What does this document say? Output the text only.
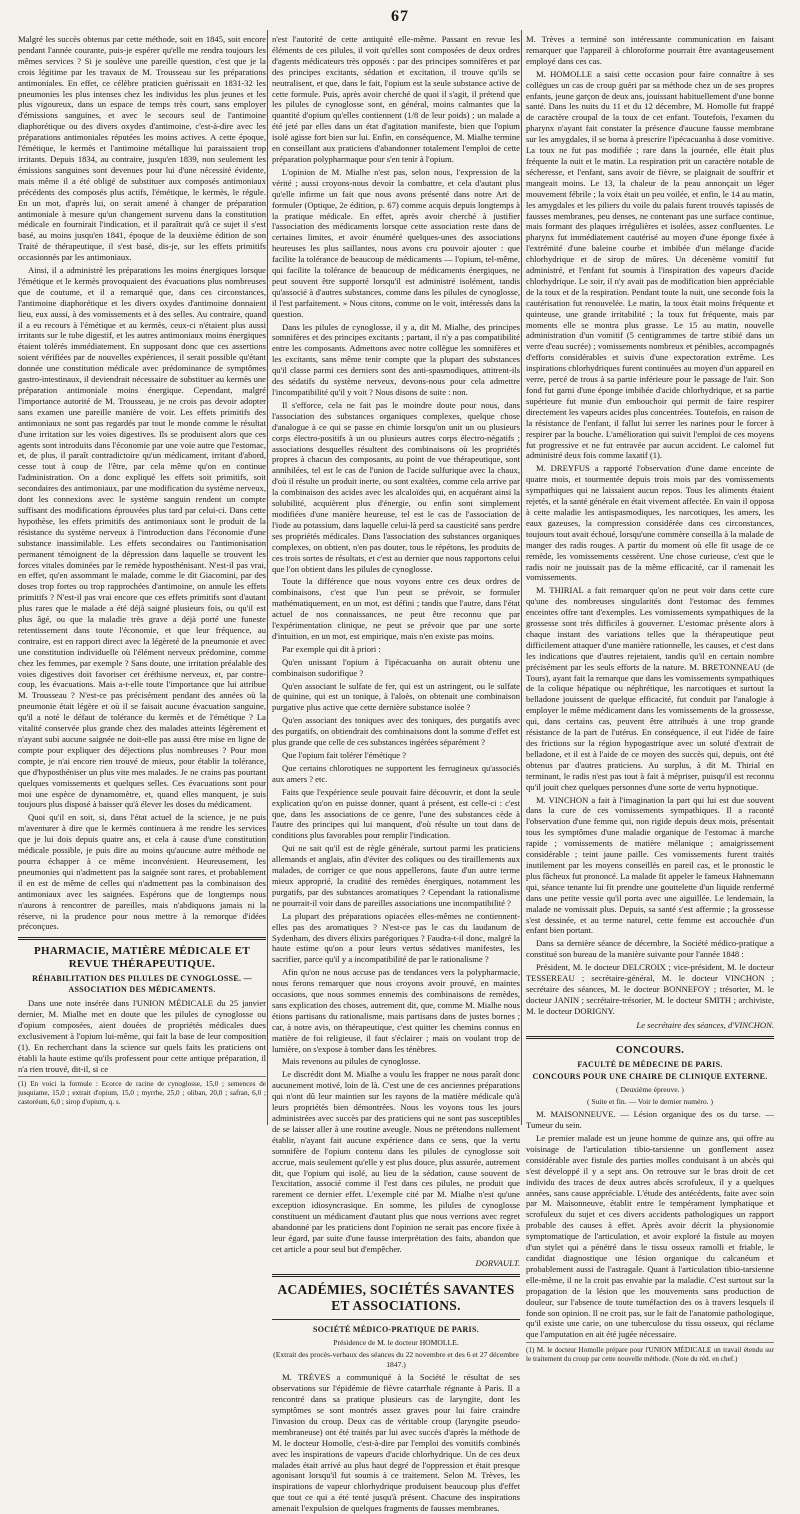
67

Malgré les succès obtenus par cette méthode, soit en 1845, soit encore pendant l'année courante, puis-je espérer qu'elle me rendra toujours les mêmes services ? Si je soulève une pareille question, c'est que je la crois légitime par les travaux de M. Trousseau sur les préparations antimoniales. En effet, ce célèbre praticien guérissait en 1831-32 les pneumonies les plus intenses chez les individus les plus jeunes et les plus vigoureux, dans un espace de temps très court, sans employer d'émissions sanguines, et avec le secours seul de l'antimoine diaphorétique ou des divers oxydes d'antimoine, c'est-à-dire avec les préparations antimoniales réputées les moins actives. A cette époque, l'émétique, le kermès et l'antimoine métallique lui paraissaient trop irritants. Depuis 1834, au contraire, jusqu'en 1839, non seulement les émissions sanguines sont devenues pour lui d'une nécessité évidente, mais même il a été obligé de substituer aux composés antimoniaux précédents des composés plus actifs, l'émétique, le kermès, le régule. En un mot, d'après lui, on serait amené à changer de préparation antimoniale à mesure qu'un changement survenu dans la constitution médicale en fournirait l'indication, et il paraîtrait qu'à ce sujet il s'est basé, au moins jusqu'en 1841, époque de la deuxième édition de son Traité de thérapeutique, il s'est basé, dis-je, sur les effets primitifs occasionnés par les antimoniaux.

Ainsi, il a administré les préparations les moins énergiques lorsque l'émétique et le kermès provoquaient des évacuations plus nombreuses que de coutume, et il a remarqué que, dans ces circonstances, l'antimoine diaphorétique et les divers oxydes d'antimoine donnaient lieu, eux aussi, à des vomissements et à des selles. Au contraire, quand il a eu recours à l'émétique et au kermès, ceux-ci n'étaient plus aussi irritants sur le tube digestif, et les autres antimoniaux moins énergiques étaient tolérés immédiatement. En supposant donc que ces assertions soient vérifiées par de nouvelles expériences, il serait possible qu'étant donnée une constitution médicale avec prédominance de symptômes gastro-intestinaux, il deviendrait nécessaire de substituer au kermès une préparation antimoniale moins énergique. Cependant, malgré l'importance autorité de M. Trousseau, je ne crois pas devoir adopter sans examen une pareille manière de voir. Les effets primitifs des antimoniaux ne sont pas regardés par tout le monde comme le résultat d'une irritation sur les voies digestives. Ils se produisent alors que ces agents sont introduits dans l'économie par une voie autre que l'estomac, et, de plus, il paraît contradictoire qu'un médicament, irritant d'abord, cesse tout à coup de l'être, par cela même qu'on en continue l'administration. On a donc expliqué les effets soit primitifs, soit secondaires des antimoniaux, par une modification du système nerveux, dont les connexions avec le système sanguin rendent un compte suffisant des modifications éprouvées plus tard par celui-ci. Dans cette hypothèse, les effets primitifs des antimoniaux sont le produit de la résistance du système nerveux à l'introduction dans l'économie d'une substance inassimilable. Les effets secondaires ou l'antimonisation permanent témoignent de la dépression dans laquelle se trouvent les forces vitales dominées par le remède hyposthénisant. N'est-il pas vrai, en effet, qu'en assommant le malade, comme le dit Giacomini, par des doses trop fortes ou trop rapprochées d'antimoine, on annule les effets primitifs ? N'est-il pas vrai encore que ces effets primitifs sont d'autant plus rares que le malade a été déjà saigné plusieurs fois, ou qu'il est plus âgé, ou que la maladie très grave a déjà porté une funeste retentissement dans toute l'économie, et que leur fréquence, au contraire, est en rapport direct avec la légèreté de la pneumonie et avec une constitution individuelle où l'élément nerveux prédomine, comme chez les femmes, par exemple ? Sans doute, une irritation préalable des voies digestives doit favoriser cet éréthisme nerveux, et, par contre-coup, les évacuations. Mais a-t-elle toute l'importance que lui attribue M. Trousseau ? N'est-ce pas précisément pendant des années où la pneumonie était légère et où il se faisait aucune évacuation sanguine, qu'il a noté le défaut de tolérance du kermès et de l'émétique ? La vitalité conservée plus grande chez des malades atteints légèrement et n'ayant subi aucune saignée ne doit-elle pas aussi être mise en ligne de compte pour expliquer des déjections plus nombreuses ? Pour mon compte, je n'ai encore rien trouvé de mieux, pour établir la tolérance, que d'hyposthéniser un plus vite mes malades. Je ne crains pas pourtant quelques vomissements et quelques selles. Ces évacuations sont pour moi une espèce de dynamomètre, et, quand elles manquent, je suis toujours plus disposé à baisser qu'à élever les doses du médicament.

Quoi qu'il en soit, si, dans l'état actuel de la science, je ne puis m'aventurer à dire que le kermès continuera à me rendre les services que je lui dois depuis quatre ans, et cela à cause d'une constitution médicale possible, je puis dire au moins qu'aucune autre méthode ne pourra échapper à ce même inconvénient. Heureusement, les pneumonies qui n'admettent pas la saignée sont rares, et probablement il en est de même de celles qui n'admettent pas la combinaison des antimoniaux avec les saignées. Espérons que de longtemps nous n'aurons à rencontrer de pareilles, mais n'abdiquons jamais ni la réserve, ni la prudence pour nous mettre à la remorque d'idées préconçues.

PHARMACIE, MATIÈRE MÉDICALE ET REVUE THÉRAPEUTIQUE.
RÉHABILITATION DES PILULES DE CYNOGLOSSE. — ASSOCIATION DES MÉDICAMENTS.

Dans une note insérée dans l'UNION MÉDICALE du 25 janvier dernier, M. Mialhe met en doute que les pilules de cynoglosse ou d'opium composées, aient douées de propriétés médicales dues exclusivement à l'opium lui-même, qui fait la base de leur composition (1). En recherchant dans la science sur quels faits les praticiens ont établi la haute estime qu'ils professent pour cette antique préparation, il n'a rien trouvé, dit-il, si ce

(1) En voici la formule : Ecorce de racine de cynoglosse, 15,0 ; semences de jusquiame, 15,0 ; extrait d'opium, 15,0 ; myrrhe, 25,0 ; oliban, 20,0 ; safran, 6,0 ; castoréum, 6,0 ; sirop d'opium, q. s.

n'est l'autorité de cette antiquité elle-même. Passant en revue les éléments de ces pilules, il voit qu'elles sont composées de deux ordres d'agents médicateurs très opposés : par des principes somnifères et par des principes excitants, sédation et excitation, il trouve qu'ils se neutralisent, et que, dans le fait, l'opium est la seule substance active de cette formule. Puis, après avoir cherché de quoi il s'agit, il prétend que les pilules de cynoglosse sont, en général, moins calmantes que la quantité d'opium qu'elles contiennent (1/8 de leur poids) ; un malade a été jeté par elles dans un état d'agitation manifeste, bien que l'opium isolé agisse fort bien sur lui. Enfin, en conséquence, M. Mialhe termine en conseillant aux praticiens d'abandonner totalement l'emploi de cette préparation polypharmaque pour s'en tenir à l'opium.

L'opinion de M. Mialhe n'est pas, selon nous, l'expression de la vérité ; aussi croyons-nous devoir la combattre, et cela d'autant plus qu'elle infirme un fait que nous avons présenté dans notre Art de formuler (Optique, 2e édition, p. 67) comme acquis depuis longtemps à la pratique médicale. En effet, après avoir cherché à justifier l'association des médicaments lorsque cette association reste dans de certaines limites, et avoir énuméré quelques-unes des associations heureuses les plus saillantes, nous avons cru pouvoir ajouter : que facilite la tolérance de beaucoup de médicaments — l'opium, tel-même, qui facilite la tolérance de beaucoup de médicaments énergiques, ne peut souvent être supporté lorsqu'il est administré isolément, tandis qu'associé à d'autres substances, comme dans les pilules de cynoglosse, il l'est parfaitement. » Nous citons, comme on le voit, intéressés dans la question.

Dans les pilules de cynoglosse, il y a, dit M. Mialhe, des principes somnifères et des principes excitants ; partant, il n'y a pas compatibilité entre les composants. Admettons avec notre collègue les somnifères et les excitants, sans même tenir compte que la plupart des substances qu'il classe parmi ces derniers sont des anti-spasmodiques, attitrent-ils des sédatifs du système nerveux, devons-nous pour cela admettre l'incompatibilité qu'il y voit ? Nous disons de suite : non.

Il s'efforce, cela ne fait pas le moindre doute pour nous, dans l'association des substances organiques complexes, quelque chose d'analogue à ce qui se passe en chimie lorsqu'on unit un ou plusieurs corps électro-positifs à un ou plusieurs autres corps électro-négatifs ; associations desquelles résultent des combinaisons où les propriétés propres à chacun des composants, au point de vue thérapeutique, sont annihilées, tel est le cas de l'union de l'acide sulfurique avec la chaux, d'où il résulte un produit inerte, ou sont exaltées, comme cela arrive par la combinaison des acides avec les alcaloïdes qui, en acquérant ainsi la solubilité, acquièrent plus d'énergie, ou enfin sont simplement modifiées d'une manière heureuse, tel est le cas de l'association de l'iode au potassium, dans laquelle celui-là perd sa causticité sans perdre ses propriétés médicales. Dans l'association des substances organiques complexes, on obtient, n'en pas douter, tous le répétons, les produits de ces trois sortes de résultats, et c'est au dernier que nous rapportons celui que l'on obtient dans les pilules de cynoglosse.

Toute la différence que nous voyons entre ces deux ordres de combinaisons, c'est que l'un peut se prévoir, se formuler mathématiquement, en un mot, est défini ; tandis que l'autre, dans l'état actuel de nos connaissances, ne peut être reconnu que par l'expérimentation clinique, ne peut se prévoir que par une sorte d'intuition, en un mot, est empirique, mais n'en existe pas moins.

Par exemple qui dit à priori :

Qu'en unissant l'opium à l'ipécacuanha on aurait obtenu une combinaison sudorifique ?

Qu'en associant le sulfate de fer, qui est un astringent, ou le sulfate de quinine, qui est un tonique, à l'aloès, on obtenait une combinaison purgative plus active que cette dernière substance isolée ?

Qu'en associant des toniques avec des toniques, des purgatifs avec des purgatifs, on obtiendrait des combinaisons dont la somme d'effet est plus grande que celle de ces substances ingérées séparément ?

Que l'opium fait tolérer l'émétique ?

Que certains chlorotiques ne supportent les ferrugineux qu'associés aux amers ? etc.

Faits que l'expérience seule pouvait faire découvrir, et dont la seule explication qu'on en puisse donner, quant à présent, est celle-ci : c'est que, dans les associations de ce genre, l'une des substances cède à l'autre des principes qui lui manquent, d'où résulte un tout dans de conditions plus favorables pour remplir l'indication.

Qui ne sait qu'il est de règle générale, surtout parmi les praticiens allemands et anglais, afin d'éviter des coliques ou des tiraillements aux malades, de corriger ce que nous appellerons, faute d'un autre terme mieux approprié, la crudité des remèdes énergiques, notamment les purgatifs, par des substances aromatiques ? Cependant la rationalisme ne pourrait-il voir dans de pareilles associations une incompatibilité ?

La plupart des préparations opiacées elles-mêmes ne contiennent-elles pas des aromatiques ? N'est-ce pas le cas du laudanum de Sydenham, des divers élixirs parégoriques ? Faudra-t-il donc, malgré la haute estime qu'on a pour leurs vertus sédatives manifestes, les sacrifier, parce qu'il y a incompatibilité de par le rationalisme ?

Afin qu'on ne nous accuse pas de tendances vers la polypharmacie, nous ferons remarquer que nous croyons avoir prouvé, en maintes occasions, que nous sommes ennemis des combinaisons de remèdes, sans explication des choses, autrement dit, que, comme M. Mialhe nous étions partisans du rationalisme, mais partisans dans de justes bornes ; car, à notre avis, on thérapeutique, c'est quitter les chemins connus en matière de foi religieuse, il faut s'éclairer ; mais on voulant trop de lumière, on s'expose à tomber dans les ténèbres.

Mais revenons au pilules de cynoglosse.

Le discrédit dont M. Mialhe a voulu les frapper ne nous paraît donc aucunement motivé, loin de là. C'est une de ces anciennes préparations qui n'ont dû leur maintien sur les rayons de la matière médicale qu'à leurs propriétés bien démontrées. Nous les voyons tous les jours administrées avec succès par des praticiens qui ne sont pas susceptibles de se laisser aller à une routine aveugle. Nous ne prétendons nullement établir, n'ayant fait aucune expérience dans ce sens, que la vertu somnifère de l'opium contenu dans les pilules de cynoglosse soit accrue, mais seulement qu'elle y est plus douce, plus assurée, autrement dit, que l'opium qui isolé, au lieu de la sédation, cause souvent de l'excitation, associé comme il l'est dans ces pilules, ne produit que rarement ce dernier effet. L'exemple cité par M. Mialhe n'est qu'une exception idiosyncrasique. En somme, les pilules de cynoglosse constituent un médicament d'autant plus que nous verrions avec regret abandonné par les praticiens dont l'opinion ne serait pas encore fixée à leur égard, par suite d'une fausse interprétation des faits, abandon que cet article a pour seul but d'empêcher.

DORVAULT.
ACADÉMIES, SOCIÉTÉS SAVANTES ET ASSOCIATIONS.
SOCIÉTÉ MÉDICO-PRATIQUE DE PARIS.
Présidence de M. le docteur HOMOLLE.
(Extrait des procès-verbaux des séances du 22 novembre et des 6 et 27 décembre 1847.)

M. TRÉVES a communiqué à la Société le résultat de ses observations sur l'épidémie de fièvre catarrhale régnante à Paris. Il a rencontré dans sa pratique plusieurs cas de laryngite, dont les symptômes se sont montrés assez graves pour lui faire craindre l'invasion du croup. Deux cas de véritable croup (laryngite pseudo-membraneuse) ont été traités par lui avec succès d'après la méthode de M. le docteur Homolle, c'est-à-dire par l'emploi des vomitifs combinés avec les inspirations de vapeurs d'acide chlorhydrique. Un de ces deux malades était arrivé au plus haut degré de l'oppression et était presque agonisant lorsqu'il fut soumis à ce traitement. Selon M. Trèves, les inspirations de vapeur chlorhydrique produisent beaucoup plus d'effet que tout ce qui a été tenté jusqu'à présent. Chacune des inspirations amenait l'expulsion de quelques fragments de fausses membranes.

M. Trèves a terminé son intéressante communication en faisant remarquer que l'appareil à chloroforme pourrait être avantageusement employé dans ces cas.

M. HOMOLLE a saisi cette occasion pour faire connaître à ses collègues un cas de croup guéri par sa méthode chez un de ses propres enfants, jeune garçon de deux ans, jouissant habituellement d'une bonne santé. Dans les nuits du 11 et du 12 décembre, M. Homolle fut frappé de caractère croupal de la toux de cet enfant. Toutefois, l'examen du pharynx n'ayant fait constater la présence d'aucune fausse membrane sur les amygdales, il se borna à prescrire l'ipécacuanha à dose vomitive. La toux ne fut pas modifiée ; rare dans la journée, elle était plus fréquente la nuit et le matin. La respiration prit un caractère notable de sécheresse, et l'enfant, sans avoir de fièvre, se plaignait de souffrir et mangeait moins. Le 13, la chaleur de la peau annonçait un léger mouvement fébrile ; la voix était un peu voilée, et enfin, le 14 au matin, les amygdales et les piliers du voile du palais furent trouvés tapissés de fausses membranes, peu denses, ne contenant pas une surface continue, mais formant des plaques irrégulières et isolées, assez confluentes. Le pharynx fut immédiatement cautérisé au moyen d'une éponge fixée à l'extrémité d'une baleine courbe et imbibée d'un mélange d'acide chlorhydrique et de sirop de mûres. Un décenème vomitif fut administré, et l'enfant fut soumis à l'inspiration des vapeurs d'acide chlorhydrique. Le soir, il n'y avait pas de modification bien appréciable de la toux et de la respiration. Pendant toute la nuit, une seconde fois la cautérisation fut renouvelée. Le matin, la toux était moins fréquente et quinteuse, une grande irritabilité ; la toux fut fréquente, mais par moments elle se montra plus grasse. Le 15 au matin, nouvelle administration d'un vomitif (5 centigrammes de tartre stibié dans un verre d'eau sucrée) ; vomissements nombreux et pénibles, accompagnés d'efforts considérables et suivis d'une expectoration extrême. Les inspirations chlorhydriques furent continuées au moyen d'un appareil en verre, percé de trous à sa partie inférieure pour le passage de l'air. Son fond fut garni d'une éponge imbibée d'acide chlorhydrique, et sa partie supérieure fut munie d'un embouchoir qui permit de faire respirer directement les vapeurs acides plus concentrées. Toutefois, en raison de la résistance de l'enfant, il fallut lui serrer les narines pour le forcer à respirer par la bouche. L'amélioration qui suivit l'emploi de ces moyens fut progressive et ne fut entravée par aucun accident. Le calomel fut administré deux fois comme laxatif (1).

M. DREYFUS a rapporté l'observation d'une dame enceinte de quatre mois, et tourmentée depuis trois mois par des vomissements sympathiques qui ne laissaient aucun repos. Tous les aliments étaient rejetés, et la santé générale en était vivement affectée. En vain il opposa à cette maladie les antispasmodiques, les narcotiques, les amers, les eaux gazeuses, la compression considérée dans ces circonstances, toujours tout avait échoué, lorsqu'une commère conseilla à la malade de manger des radis rouges. A partir du moment où elle fit usage de ce remède, les vomissements cessèrent. Une chose curieuse, c'est que le radis noir ne jouissait pas de la même efficacité, car il ramenait les vomissements.

M. THIRIAL a fait remarquer qu'on ne peut voir dans cette cure qu'une des nombreuses singularités dont l'estomac des femmes enceintes offre tant d'exemples. Les vomissements sympathiques de la grossesse sont très difficiles à gouverner. L'estomac présente alors à chaque instant des variations telles que la thérapeutique peut difficilement attaquer d'une manière rationnelle, les causes, et c'est dans les indications que d'autres rejetaient, tandis qu'il en certain nombre précisément par les seuls efforts de la nature. M. BRETONNEAU (de Tours), ayant fait la remarque que dans les vomissements sympathiques de la colique hépatique ou néphrétique, les narcotiques et surtout la belladone jouissent de quelque efficacité, fut conduit par l'analogie à employer le même médicament dans les vomissements de la grossesse, qui, dans certains cas, peuvent être attribués à une trop grande résistance de la part de l'utérus. En conséquence, il eut l'idée de faire des frictions sur la région hypogastrique avec un soluté d'extrait de belladone, et il est à l'aide de ce moyen des succès qui, depuis, ont été obtenus par d'autres praticiens. Au surplus, à dit M. Thirial en terminant, le radis n'est pas tout à fait à mépriser, puisqu'il est reconnu qu'il jouit chez quelques personnes d'une sorte de vertu hypnotique.

M. VINCHON a fait à l'imagination la part qui lui est due souvent dans la cure de ces vomissements sympathiques. Il a raconté l'observation d'une femme qui, non rigide depuis deux mois, présentait tous les symptômes d'une maladie organique de l'estomac à marche rapide ; vomissements de matière mélanique ; amaigrissement considérable ; teint jaune paille. Ces vomissements furent traités inutilement par les moyens conseillés en pareil cas, et le pronostic le plus fâcheux fut prononcé. La malade fit appeler le fameux Hahnemann qui, séance tenante lui fit prendre une gouttelette d'un liquide renfermé dans une petite vessie qu'il porta avec une aiguillée. Le lendemain, la malade ne vomissait plus. Depuis, sa santé s'est affermie ; la grossesse s'est dessinée, et au terme naturel, cette femme est accouchée d'un enfant bien portant.

Dans sa dernière séance de décembre, la Société médico-pratique a constitué son bureau de la manière suivante pour l'année 1848 :

Président, M. le docteur DELCROIX ; vice-président, M. le docteur TESSEREAU ; secrétaire-général, M. le docteur VINCHON ; secrétaire des séances, M. le docteur BONNEFOY ; trésorier, M. le docteur JANIN ; secrétaire-trésorier, M. le docteur SMITH ; archiviste, M. le docteur DORIGNY.

Le secrétaire des séances, d'VINCHON.
CONCOURS.
FACULTÉ DE MÉDECINE DE PARIS.
CONCOURS POUR UNE CHAIRE DE CLINIQUE EXTERNE.
( Deuxième épreuve. )
( Suite et fin. — Voir le dernier numéro. )

M. MAISONNEUVE. — Lésion organique des os du tarse. — Tumeur du sein.

Le premier malade est un jeune homme de quinze ans, qui offre au voisinage de l'articulation tibio-tarsienne un gonflement assez considérable avec fistule des parties molles conduisant à un abcès qui s'est développé il y a sept ans. On retrouve sur le bras droit de cet individu des traces de deux autres abcès scrofuleux, il y a quelques années, sans cause appréciable. L'étude des antécédents, faite avec soin par M. Maisonneuve, établit entre le tempérament lymphatique et scrofuleux du sujet et ces divers accidents pathologiques un rapport probable des causes à effet. Après avoir décrit la physionomie symptomatique de l'articulation, et avoir exploré la fistule au moyen d'un stylet qui a pénétré dans le tissu osseux ramolli et friable, le candidat diagnostique une lésion organique du calcanéum et probablement aussi de l'astragale. Quant à l'articulation tibio-tarsienne elle-même, il ne la croit pas envahie par la maladie. C'est surtout sur la propagation de la lésion que les mouvements sans production de douleur, sur l'absence de toute tuméfaction des os à travers lesquels il fonde son opinion. Il ne croit pas, sur le fait de l'anatomie pathologique, qu'il existe une carie, on une tuberculose du tissu osseux, qui réclame que l'amputation en ait été jugée nécessaire.

(1) M. le docteur Homolle prépare pour l'UNION MÉDICALE un travail étendu sur le traitement du croup par cette nouvelle méthode. (Note du réd. en chef.)
